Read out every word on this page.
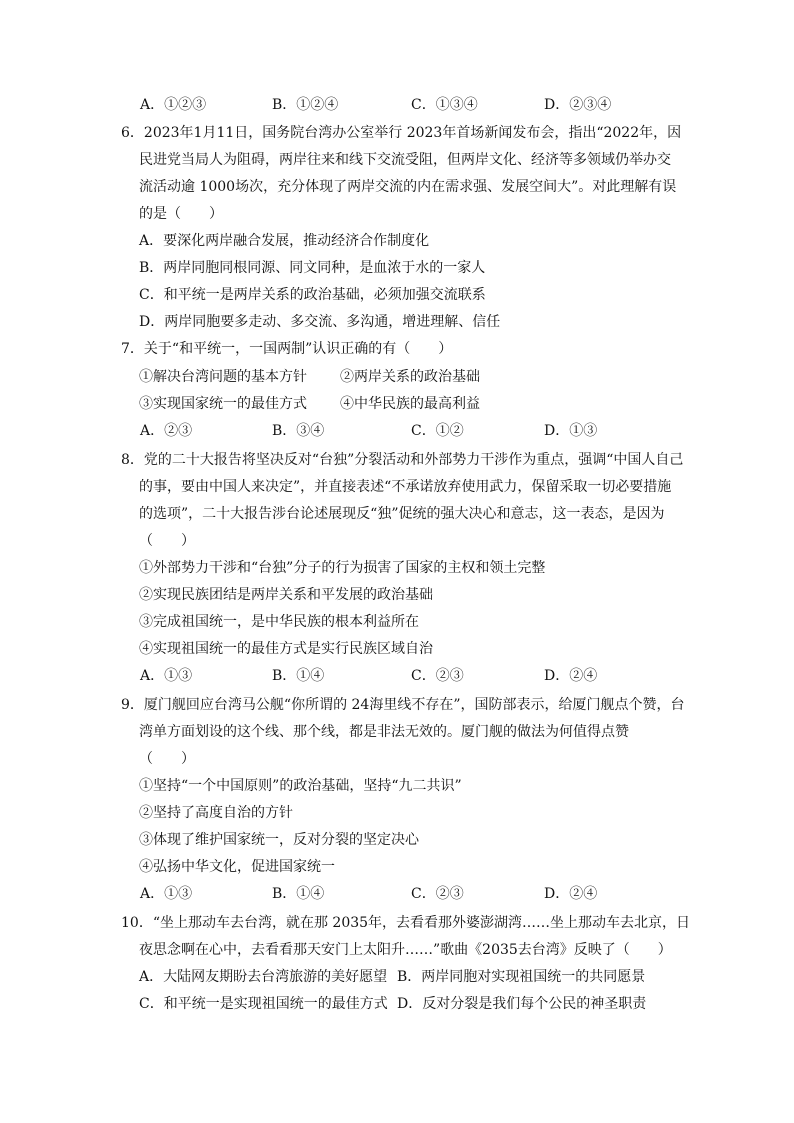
A．①②③	B．①②④	C．①③④	D．②③④
6．2023年1月11日，国务院台湾办公室举行 2023年首场新闻发布会，指出“2022年，因
民进党当局人为阻碍，两岸往来和线下交流受阻，但两岸文化、经济等多领域仍举办交
流活动逾 1000场次，充分体现了两岸交流的内在需求强、发展空间大”。对此理解有误
的是（　　）
A．要深化两岸融合发展，推动经济合作制度化
B．两岸同胞同根同源、同文同种，是血浓于水的一家人
C．和平统一是两岸关系的政治基础，必须加强交流联系
D．两岸同胞要多走动、多交流、多沟通，增进理解、信任
7．关于“和平统一，一国两制”认识正确的有（　　）
①解决台湾问题的基本方针 ②两岸关系的政治基础
③实现国家统一的最佳方式 ④中华民族的最高利益
A．②③	B．③④	C．①②	D．①③
8．党的二十大报告将坚决反对“台独”分裂活动和外部势力干涉作为重点，强调“中国人自己
的事，要由中国人来决定”，并直接表述“不承诺放弃使用武力，保留采取一切必要措施
的选项”，二十大报告涉台论述展现反“独”促统的强大决心和意志，这一表态，是因为
（　　）
①外部势力干涉和“台独”分子的行为损害了国家的主权和领土完整
②实现民族团结是两岸关系和平发展的政治基础
③完成祖国统一，是中华民族的根本利益所在
④实现祖国统一的最佳方式是实行民族区域自治
A．①③	B．①④	C．②③	D．②④
9．厦门舰回应台湾马公舰“你所谓的 24海里线不存在”，国防部表示，给厦门舰点个赞，台
湾单方面划设的这个线、那个线，都是非法无效的。厦门舰的做法为何值得点赞
（　　）
①坚持“一个中国原则”的政治基础，坚持“九二共识”
②坚持了高度自治的方针
③体现了维护国家统一，反对分裂的坚定决心
④弘扬中华文化，促进国家统一
A．①③	B．①④	C．②③	D．②④
10．“坐上那动车去台湾，就在那 2035年，去看看那外婆澎湖湾……坐上那动车去北京，日
夜思念啊在心中，去看看那天安门上太阳升……”歌曲《2035去台湾》反映了（　　）
A．大陆网友期盼去台湾旅游的美好愿望 B．两岸同胞对实现祖国统一的共同愿景
C．和平统一是实现祖国统一的最佳方式 D．反对分裂是我们每个公民的神圣职责
